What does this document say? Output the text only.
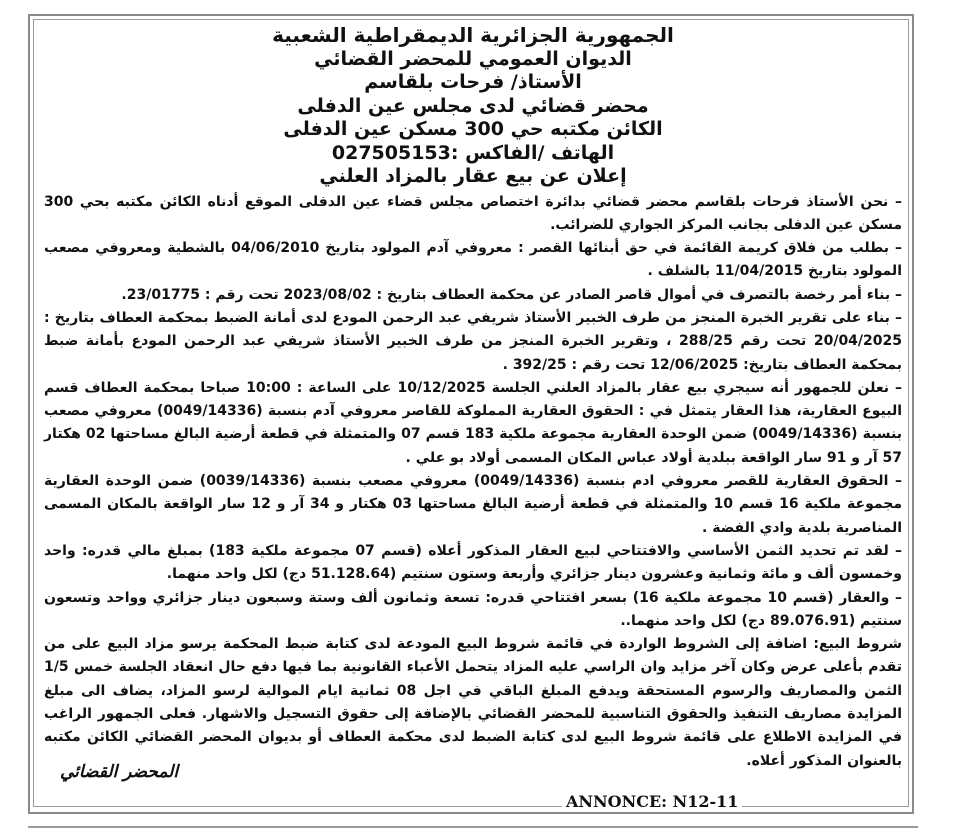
الجمهورية الجزائرية الديمقراطية الشعبية
الديوان العمومي للمحضر القضائي
الأستاذ/ فرحات بلقاسم
محضر قضائي لدى مجلس عين الدفلى
الكائن مكتبه حي 300 مسكن عين الدفلى
الهاتف /الفاكس :027505153
إعلان عن بيع عقار بالمزاد العلني

– نحن الأستاذ فرحات بلقاسم محضر قضائي بدائرة اختصاص مجلس قضاء عين الدفلى الموقع أدناه الكائن مكتبه بحي 300 مسكن عين الدفلى بجانب المركز الجواري للضرائب.

– بطلب من فلاق كريمة القائمة في حق أبنائها القصر : معروفي آدم المولود بتاريخ 04/06/2010 بالشطية ومعروفي مصعب المولود بتاريخ 11/04/2015 بالشلف .

– بناء أمر رخصة بالتصرف في أموال قاصر الصادر عن محكمة العطاف بتاريخ : 2023/08/02 تحت رقم : 23/01775.

– بناء على تقرير الخبرة المنجز من طرف الخبير الأستاذ شريفي عبد الرحمن المودع لدى أمانة الضبط بمحكمة العطاف بتاريخ : 20/04/2025 تحت رقم 288/25 ، وتقرير الخبرة المنجز من طرف الخبير الأستاذ شريفي عبد الرحمن المودع بأمانة ضبط بمحكمة العطاف بتاريخ: 12/06/2025 تحت رقم : 392/25 .

– نعلن للجمهور أنه سيجري بيع عقار بالمزاد العلني الجلسة 10/12/2025 على الساعة : 10:00 صباحا بمحكمة العطاف قسم البيوع العقارية، هذا العقار يتمثل في : الحقوق العقارية المملوكة للقاصر معروفي آدم بنسبة (0049/14336) معروفي مصعب بنسبة (0049/14336) ضمن الوحدة العقارية مجموعة ملكية 183 قسم 07 والمتمثلة في قطعة أرضية البالغ مساحتها 02 هكتار 57 آر و 91 سار الواقعة ببلدية أولاد عباس المكان المسمى أولاد بو علي .

– الحقوق العقارية للقصر معروفي ادم بنسبة (0049/14336) معروفي مصعب بنسبة (0039/14336) ضمن الوحدة العقارية مجموعة ملكية 16 قسم 10 والمتمثلة في قطعة أرضية البالغ مساحتها 03 هكتار و 34 آر و 12 سار الواقعة بالمكان المسمى المناصرية بلدية وادي الفضة .

– لقد تم تحديد الثمن الأساسي والافتتاحي لبيع العقار المذكور أعلاه (قسم 07 مجموعة ملكية 183) بمبلغ مالي قدره: واحد وخمسون ألف و مائة وثمانية وعشرون دينار جزائري وأربعة وستون سنتيم (51.128.64 دج) لكل واحد منهما.

– والعقار (قسم 10 مجموعة ملكية 16) بسعر افتتاحي قدره: تسعة وثمانون ألف وستة وسبعون دينار جزائري وواحد وتسعون سنتيم (89.076.91 دج) لكل واحد منهما..

شروط البيع: اضافة إلى الشروط الواردة في قائمة شروط البيع المودعة لدى كتابة ضبط المحكمة يرسو مزاد البيع على من تقدم بأعلى عرض وكان آخر مزايد وان الراسي عليه المزاد يتحمل الأعباء القانونية بما فيها دفع حال انعقاد الجلسة خمس 1/5 الثمن والمصاريف والرسوم المستحقة ويدفع المبلغ الباقي في اجل 08 ثمانية ايام الموالية لرسو المزاد، يضاف الى مبلغ المزايدة مصاريف التنفيذ والحقوق التناسبية للمحضر القضائي بالإضافة إلى حقوق التسجيل والاشهار. فعلى الجمهور الراغب في المزايدة الاطلاع على قائمة شروط البيع لدى كتابة الضبط لدى محكمة العطاف أو بديوان المحضر القضائي الكائن مكتبه بالعنوان المذكور أعلاه.

المحضر القضائي
ANNONCE: N12-11
